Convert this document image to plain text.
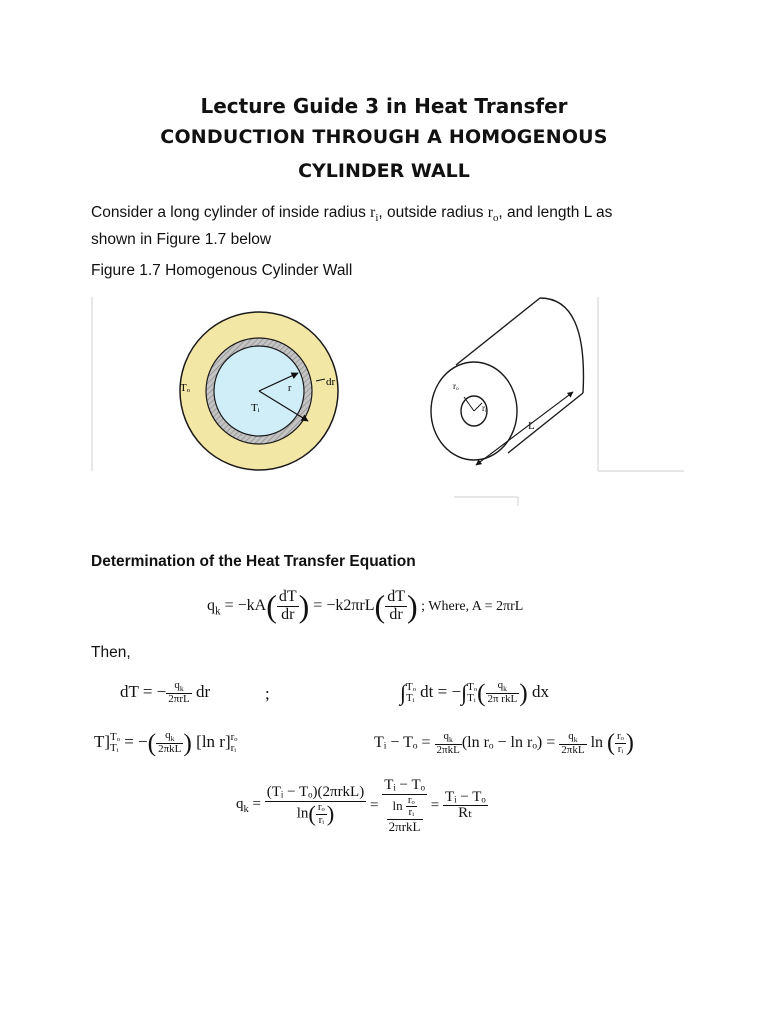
Lecture Guide 3 in Heat Transfer
CONDUCTION THROUGH A HOMOGENOUS
CYLINDER WALL
Consider a long cylinder of inside radius $r_i$, outside radius $r_o$, and length L as
shown in Figure 1.7 below
Figure 1.7 Homogenous Cylinder Wall
Tₒ
Tᵢ
r
dr	rₒ
rᵢ
L
Determination of the Heat Transfer Equation
$q_k = -kA( \frac{dT}{dr}$ ) = $-k2\pi rL( \frac{dT}{dr}$ ) ; Where, A = 2πrL
Then,
dT = − $\frac{q_k}{\text{2πrL}}$ dr	;	∫ Tₒ
Tᵢ dt = −∫ Tₒ
Tᵢ ( $\frac{q_k}{\text{2π rkL}}$ ) dx
T] Tₒ
Tᵢ = −( $\frac{q_k}{\text{2πkL}}$ ) [ln r] rₒ
rᵢ	Tᵢ − $T_o = \frac{q_k}{\text{2πkL}} (\ln$ $r_o - \ln r_o) = \frac{q_k}{\text{2πkL}}$ ln ( $\frac{\text{rₒ}}{\text{rᵢ}}$ )
$q_k = \frac{\text{(Tᵢ − Tₒ)(2πrkL)}}{\ln( \frac{\text{rₒ}}{\text{rᵢ}} )} = \frac{\text{Tᵢ − Tₒ}}{\frac{\ln \frac{\text{rₒ}}{\text{rᵢ}}}{\text{2πrkL}}} = \frac{\text{Tᵢ − Tₒ}}{\text{Rₜ}}$
